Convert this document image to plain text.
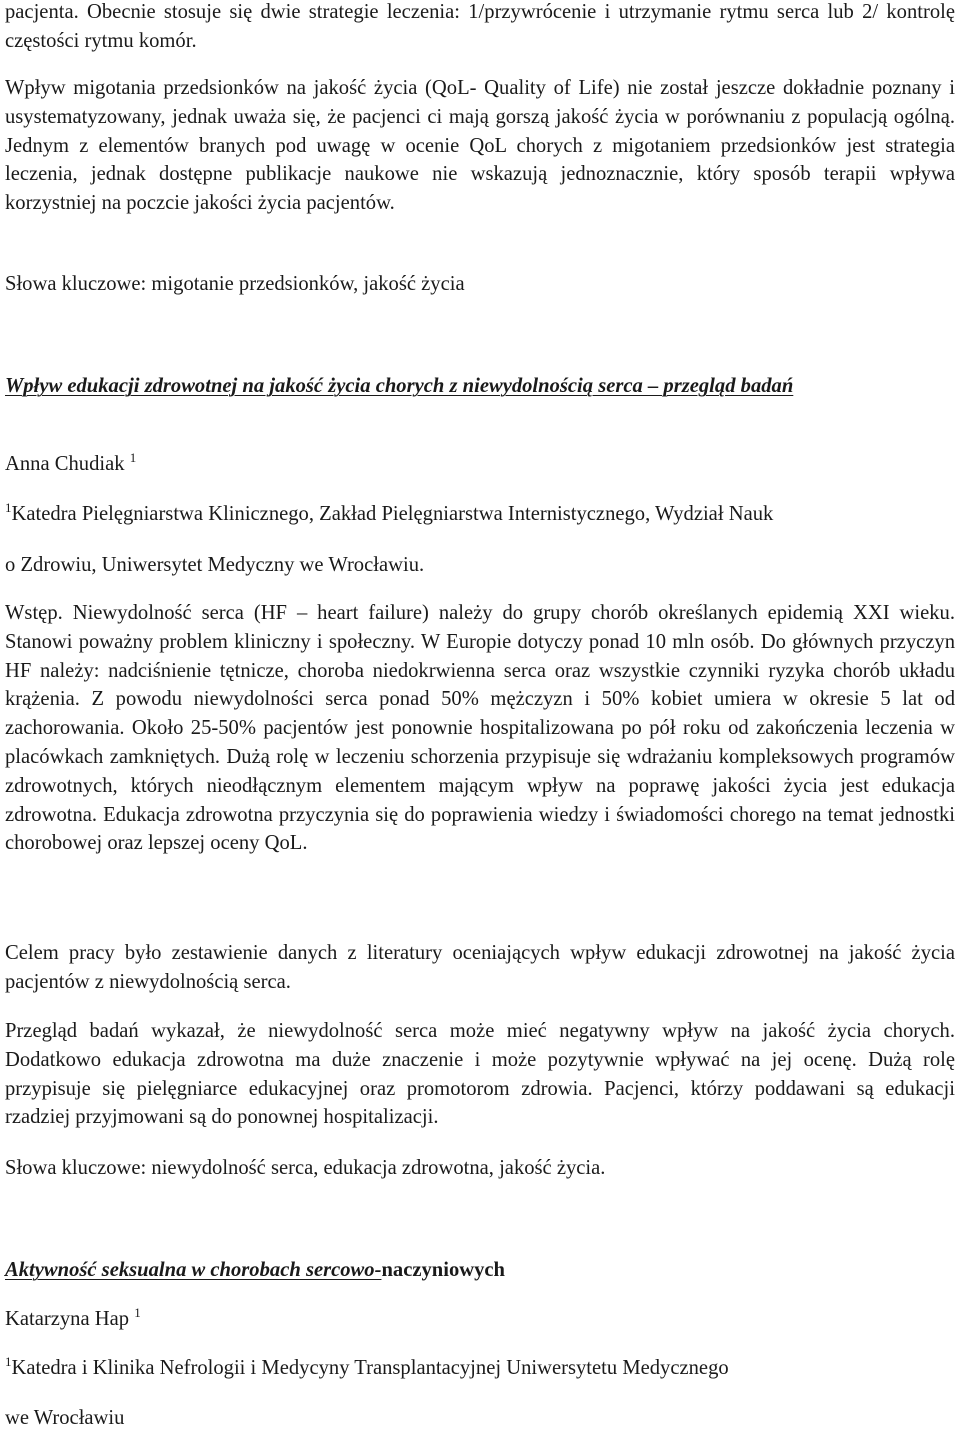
pacjenta. Obecnie stosuje się dwie strategie leczenia: 1/przywrócenie i utrzymanie rytmu serca lub 2/ kontrolę częstości rytmu komór.

Wpływ migotania przedsionków na jakość życia (QoL- Quality of Life) nie został jeszcze dokładnie poznany i usystematyzowany, jednak uważa się, że pacjenci ci mają gorszą jakość życia w porównaniu z populacją ogólną. Jednym z elementów branych pod uwagę w ocenie QoL chorych z migotaniem przedsionków jest strategia leczenia, jednak dostępne publikacje naukowe nie wskazują jednoznacznie, który sposób terapii wpływa korzystniej na poczcie jakości życia pacjentów.

Słowa kluczowe: migotanie przedsionków, jakość życia

Wpływ edukacji zdrowotnej na jakość życia chorych z niewydolnością serca – przegląd badań

Anna Chudiak $^1$

$^1$Katedra Pielęgniarstwa Klinicznego, Zakład Pielęgniarstwa Internistycznego, Wydział Nauk

o Zdrowiu, Uniwersytet Medyczny we Wrocławiu.

Wstęp. Niewydolność serca (HF – heart failure) należy do grupy chorób określanych epidemią XXI wieku. Stanowi poważny problem kliniczny i społeczny. W Europie dotyczy ponad 10 mln osób. Do głównych przyczyn HF należy: nadciśnienie tętnicze, choroba niedokrwienna serca oraz wszystkie czynniki ryzyka chorób układu krążenia. Z powodu niewydolności serca ponad 50% mężczyzn i 50% kobiet umiera w okresie 5 lat od zachorowania. Około 25-50% pacjentów jest ponownie hospitalizowana po pół roku od zakończenia leczenia w placówkach zamkniętych. Dużą rolę w leczeniu schorzenia przypisuje się wdrażaniu kompleksowych programów zdrowotnych, których nieodłącznym elementem mającym wpływ na poprawę jakości życia jest edukacja zdrowotna. Edukacja zdrowotna przyczynia się do poprawienia wiedzy i świadomości chorego na temat jednostki chorobowej oraz lepszej oceny QoL.

Celem pracy było zestawienie danych z literatury oceniających wpływ edukacji zdrowotnej na jakość życia pacjentów z niewydolnością serca.

Przegląd badań wykazał, że niewydolność serca może mieć negatywny wpływ na jakość życia chorych. Dodatkowo edukacja zdrowotna ma duże znaczenie i może pozytywnie wpływać na jej ocenę. Dużą rolę przypisuje się pielęgniarce edukacyjnej oraz promotorom zdrowia. Pacjenci, którzy poddawani są edukacji rzadziej przyjmowani są do ponownej hospitalizacji.

Słowa kluczowe: niewydolność serca, edukacja zdrowotna, jakość życia.

Aktywność seksualna w chorobach sercowo-naczyniowych

Katarzyna Hap $^1$

$^1$Katedra i Klinika Nefrologii i Medycyny Transplantacyjnej Uniwersytetu Medycznego

we Wrocławiu
